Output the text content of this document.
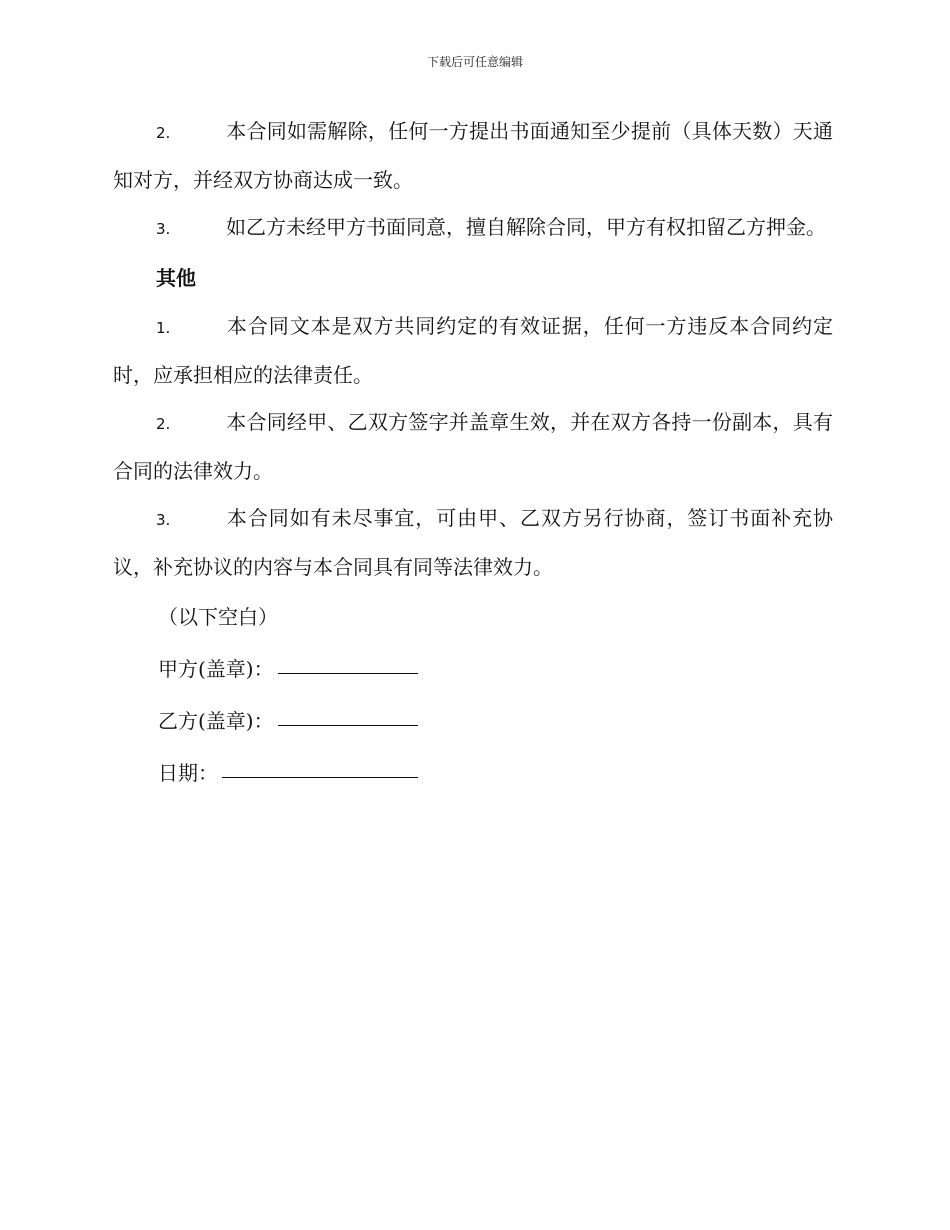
下载后可任意编辑

2.	本合同如需解除，任何一方提出书面通知至少提前（具体天数）天通知对方，并经双方协商达成一致。

3.	如乙方未经甲方书面同意，擅自解除合同，甲方有权扣留乙方押金。

其他

1.	本合同文本是双方共同约定的有效证据，任何一方违反本合同约定时，应承担相应的法律责任。

2.	本合同经甲、乙双方签字并盖章生效，并在双方各持一份副本，具有合同的法律效力。

3.	本合同如有未尽事宜，可由甲、乙双方另行协商，签订书面补充协议，补充协议的内容与本合同具有同等法律效力。

（以下空白）

甲方(盖章)：
乙方(盖章)：
日期：
